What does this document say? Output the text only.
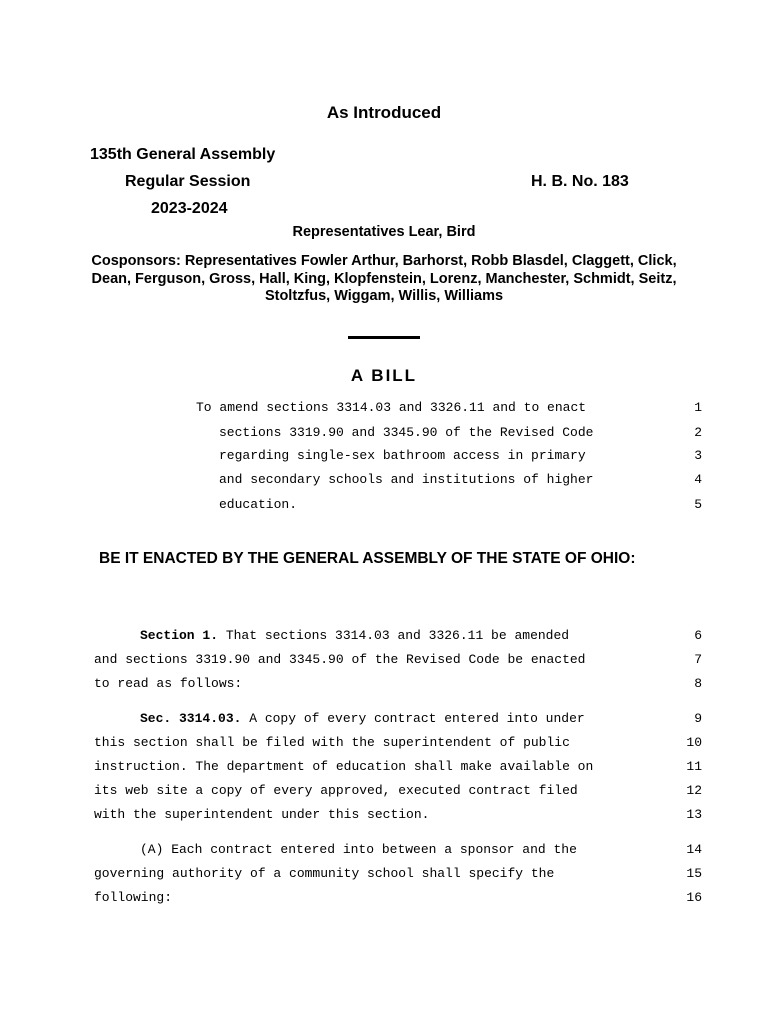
As Introduced
135th General Assembly
Regular Session
2023-2024
H. B. No. 183
Representatives Lear, Bird
Cosponsors: Representatives Fowler Arthur, Barhorst, Robb Blasdel, Claggett, Click, Dean, Ferguson, Gross, Hall, King, Klopfenstein, Lorenz, Manchester, Schmidt, Seitz, Stoltzfus, Wiggam, Willis, Williams
A BILL
To amend sections 3314.03 and 3326.11 and to enact	1
sections 3319.90 and 3345.90 of the Revised Code	2
regarding single-sex bathroom access in primary	3
and secondary schools and institutions of higher	4
education.	5
BE IT ENACTED BY THE GENERAL ASSEMBLY OF THE STATE OF OHIO:
Section 1. That sections 3314.03 and 3326.11 be amended	6
and sections 3319.90 and 3345.90 of the Revised Code be enacted	7
to read as follows:	8
Sec. 3314.03. A copy of every contract entered into under	9
this section shall be filed with the superintendent of public	10
instruction. The department of education shall make available on	11
its web site a copy of every approved, executed contract filed	12
with the superintendent under this section.	13
(A) Each contract entered into between a sponsor and the	14
governing authority of a community school shall specify the	15
following:	16
